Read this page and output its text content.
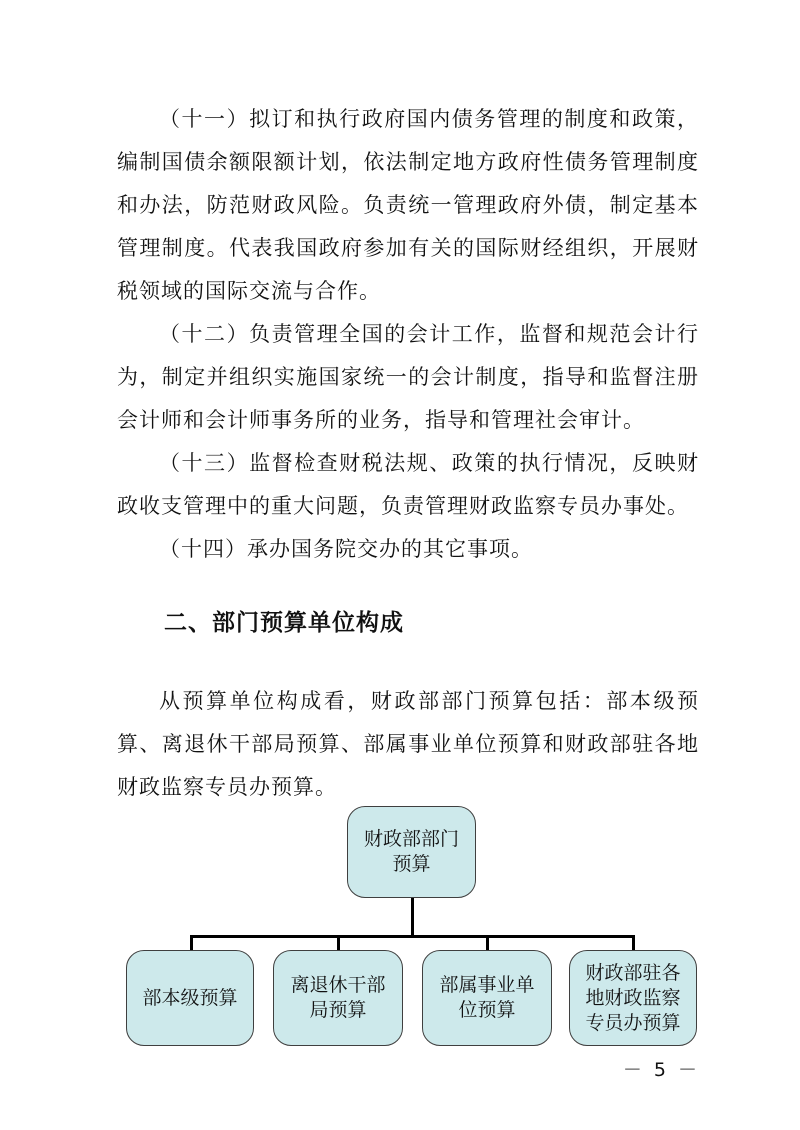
（十一）拟订和执行政府国内债务管理的制度和政策，编制国债余额限额计划，依法制定地方政府性债务管理制度和办法，防范财政风险。负责统一管理政府外债，制定基本管理制度。代表我国政府参加有关的国际财经组织，开展财税领域的国际交流与合作。

（十二）负责管理全国的会计工作，监督和规范会计行为，制定并组织实施国家统一的会计制度，指导和监督注册会计师和会计师事务所的业务，指导和管理社会审计。

（十三）监督检查财税法规、政策的执行情况，反映财政收支管理中的重大问题，负责管理财政监察专员办事处。

（十四）承办国务院交办的其它事项。

二、部门预算单位构成

从预算单位构成看，财政部部门预算包括：部本级预算、离退休干部局预算、部属事业单位预算和财政部驻各地财政监察专员办预算。

财政部部门预算
部本级预算
离退休干部局预算
部属事业单位预算
财政部驻各地财政监察专员办预算
－ 5 －
